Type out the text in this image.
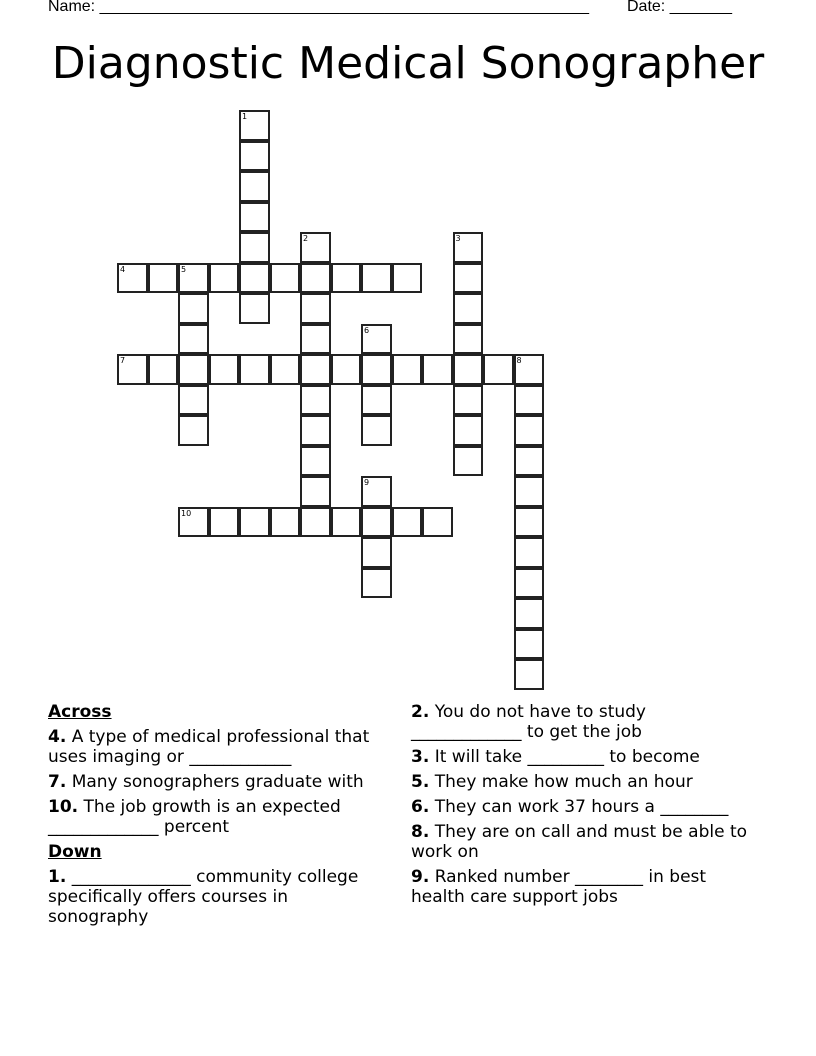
Name: _______________________________________________________ Date: _______
Diagnostic Medical Sonographer
1
2	3
4	5
6
7	8
9
10
Across
4. A type of medical professional that uses imaging or ____________
7. Many sonographers graduate with
10. The job growth is an expected _____________ percent
Down
1. ______________ community college specifically offers courses in sonography
2. You do not have to study _____________ to get the job
3. It will take _________ to become
5. They make how much an hour
6. They can work 37 hours a ________
8. They are on call and must be able to work on
9. Ranked number ________ in best health care support jobs
